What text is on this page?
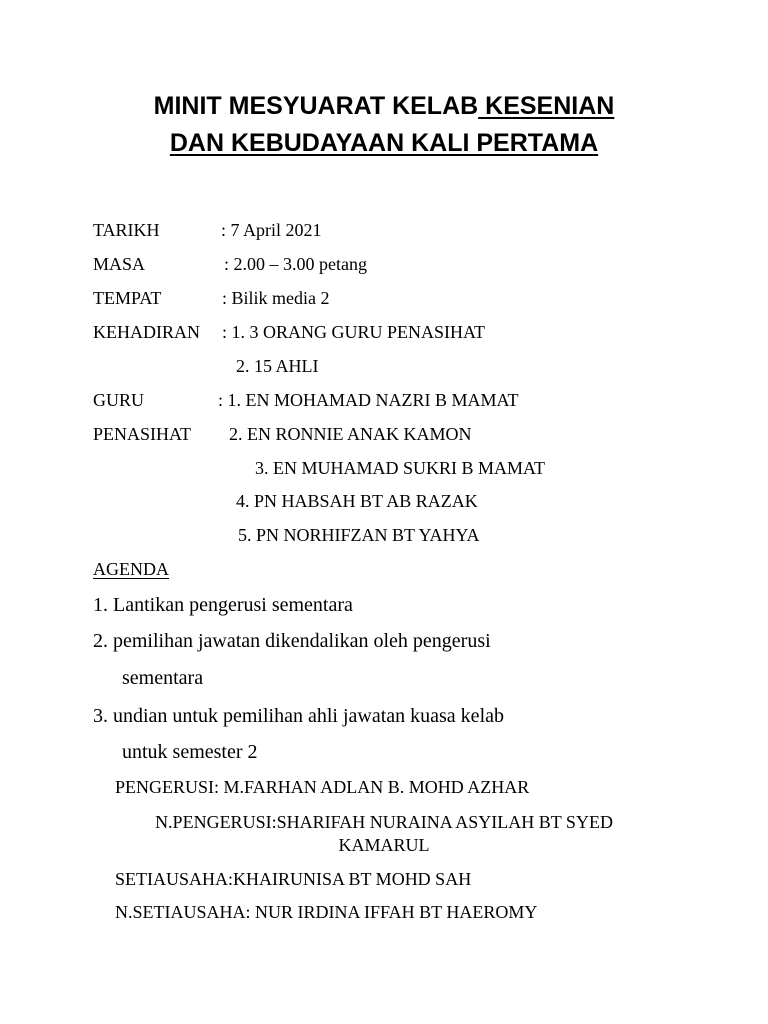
MINIT MESYUARAT KELAB KESENIAN
DAN KEBUDAYAAN KALI PERTAMA
TARIKH	: 7 April 2021
MASA	: 2.00 – 3.00 petang
TEMPAT	: Bilik media 2
KEHADIRAN : 1. 3 ORANG GURU PENASIHAT
2. 15 AHLI
GURU	: 1. EN MOHAMAD NAZRI B MAMAT
PENASIHAT 2. EN RONNIE ANAK KAMON
3. EN MUHAMAD SUKRI B MAMAT
4. PN HABSAH BT AB RAZAK
5. PN NORHIFZAN BT YAHYA
AGENDA
1. Lantikan pengerusi sementara
2. pemilihan jawatan dikendalikan oleh pengerusi
sementara
3. undian untuk pemilihan ahli jawatan kuasa kelab
untuk semester 2
PENGERUSI: M.FARHAN ADLAN B. MOHD AZHAR
N.PENGERUSI:SHARIFAH NURAINA ASYILAH BT SYED
KAMARUL
SETIAUSAHA:KHAIRUNISA BT MOHD SAH
N.SETIAUSAHA: NUR IRDINA IFFAH BT HAEROMY
